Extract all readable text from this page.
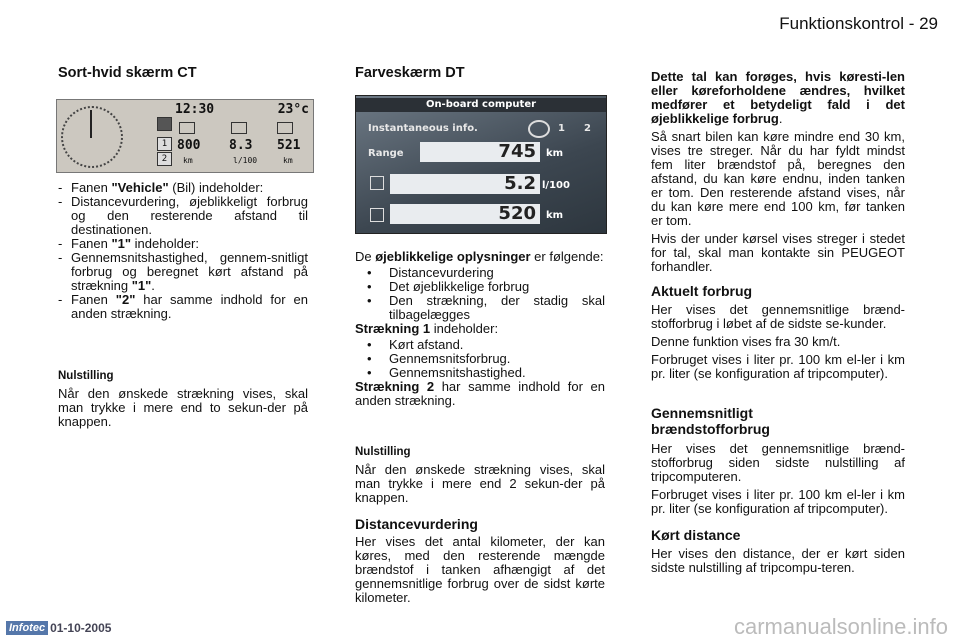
Funktionskontrol - 29

Sort-hvid skærm CT

1
2
12:30	23°c
800 8.3 521
km	l/100	km
- Fanen "Vehicle" (Bil) indeholder:
- Distancevurdering, øjeblikkeligt forbrug og den resterende afstand til destinationen.
- Fanen "1" indeholder:
- Gennemsnitshastighed, gennem-snitligt forbrug og beregnet kørt afstand på strækning "1".
- Fanen "2" har samme indhold for en anden strækning.

Nulstilling

Når den ønskede strækning vises, skal man trykke i mere end to sekun-der på knappen.

Farveskærm DT

On-board computer
Instantaneous info.	1 2
Range	745	km
5.2 l/100
520	km

De øjeblikkelige oplysninger er følgende:

•	Distancevurdering
•	Det øjeblikkelige forbrug
•	Den strækning, der stadig skal tilbagelægges

Strækning 1 indeholder:

•	Kørt afstand.
•	Gennemsnitsforbrug.
•	Gennemsnitshastighed.

Strækning 2 har samme indhold for en anden strækning.

Nulstilling

Når den ønskede strækning vises, skal man trykke i mere end 2 sekun-der på knappen.

Distancevurdering

Her vises det antal kilometer, der kan køres, med den resterende mængde brændstof i tanken afhængigt af det gennemsnitlige forbrug over de sidst kørte kilometer.

Dette tal kan forøges, hvis køresti-len eller køreforholdene ændres, hvilket medfører et betydeligt fald i det øjeblikkelige forbrug.

Så snart bilen kan køre mindre end 30 km, vises tre streger. Når du har fyldt mindst fem liter brændstof på, beregnes den afstand, du kan køre endnu, inden tanken er tom. Den resterende afstand vises, når du kan køre mere end 100 km, før tanken er tom.

Hvis der under kørsel vises streger i stedet for tal, skal man kontakte sin PEUGEOT forhandler.

Aktuelt forbrug

Her vises det gennemsnitlige brænd-stofforbrug i løbet af de sidste se-kunder.

Denne funktion vises fra 30 km/t.

Forbruget vises i liter pr. 100 km el-ler i km pr. liter (se konfiguration af tripcomputer).

Gennemsnitligt brændstofforbrug

Her vises det gennemsnitlige brænd-stofforbrug siden sidste nulstilling af tripcomputeren.

Forbruget vises i liter pr. 100 km el-ler i km pr. liter (se konfiguration af tripcomputer).

Kørt distance

Her vises den distance, der er kørt siden sidste nulstilling af tripcompu-teren.

Infotec 01-10-2005	carmanualsonline.info
